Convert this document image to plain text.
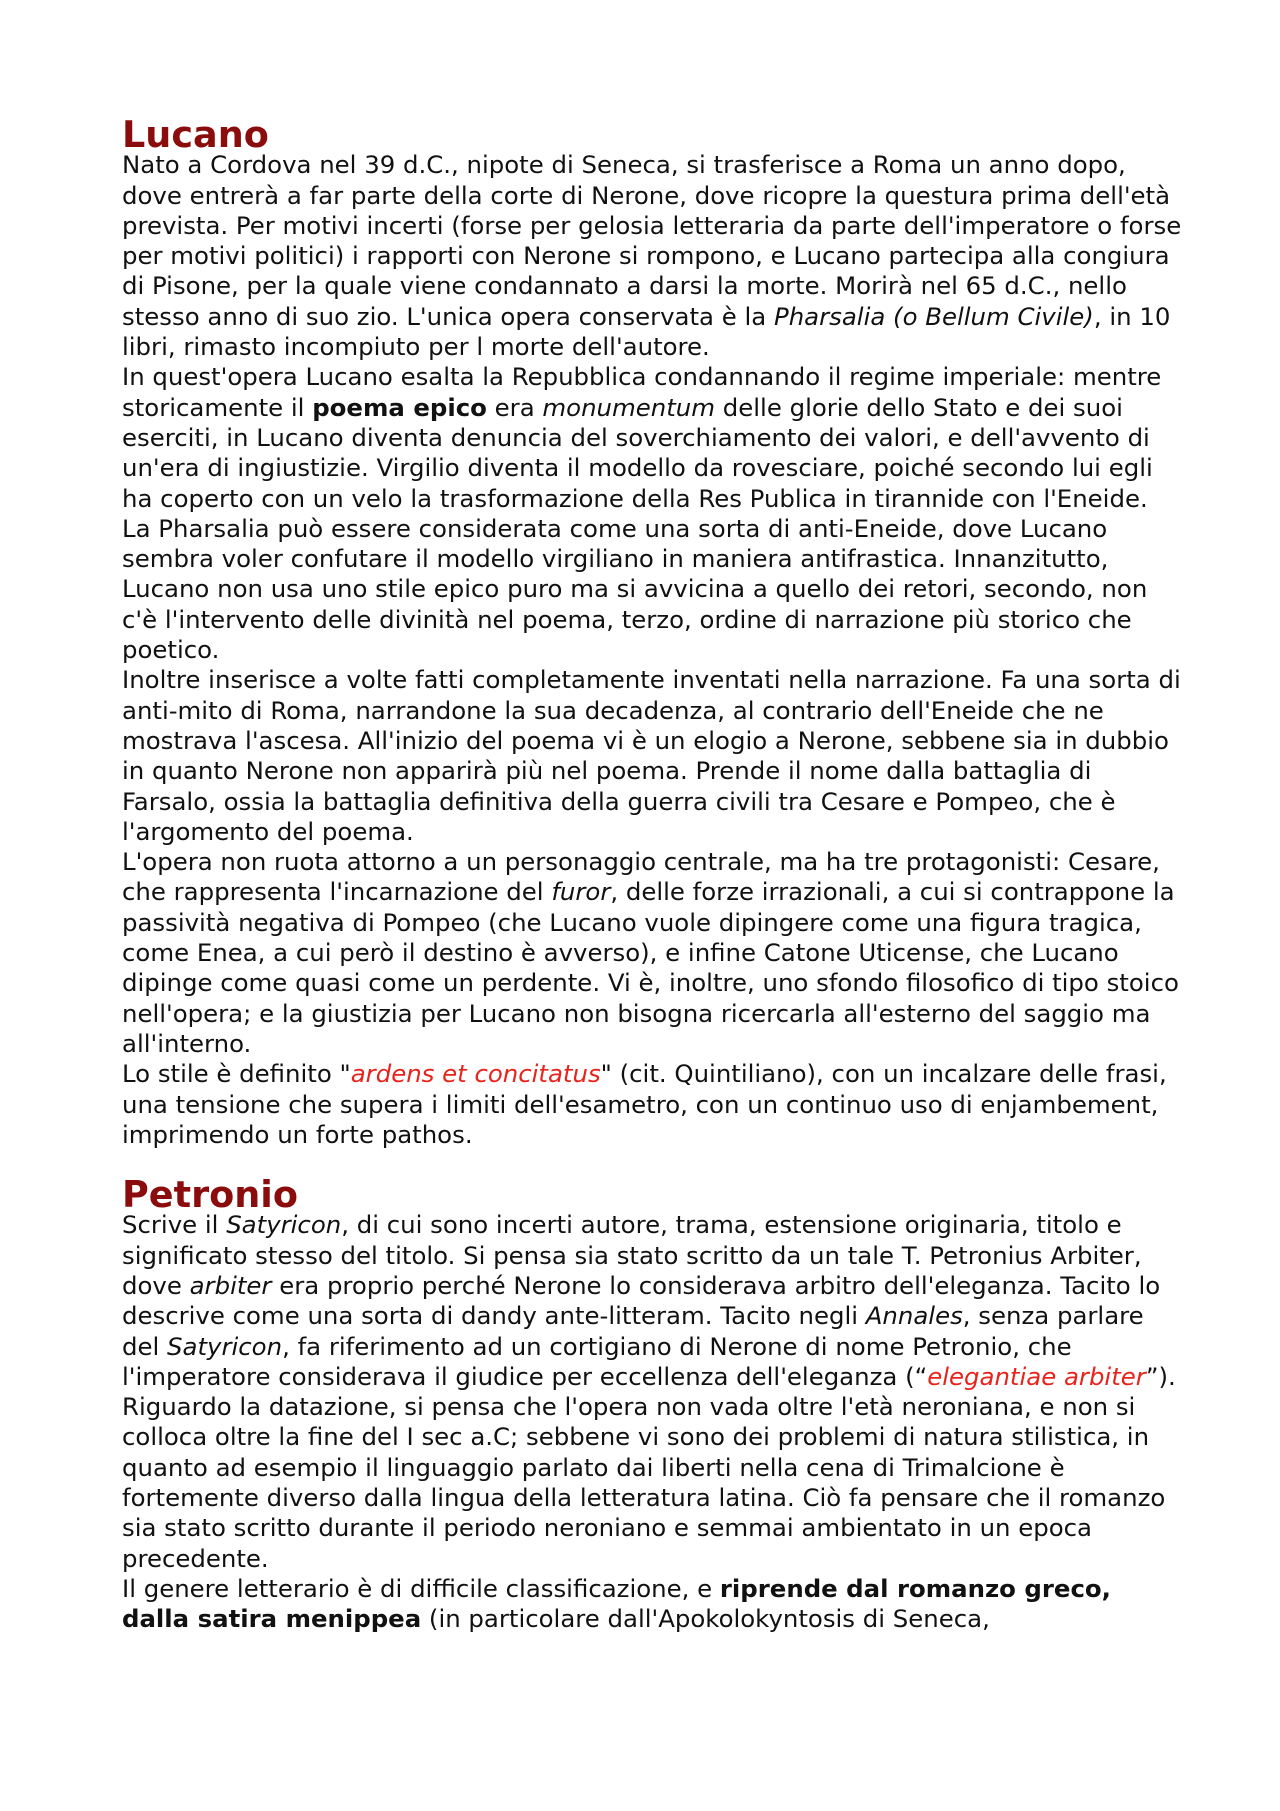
Lucano

Nato a Cordova nel 39 d.C., nipote di Seneca, si trasferisce a Roma un anno dopo, dove entrerà a far parte della corte di Nerone, dove ricopre la questura prima dell'età prevista. Per motivi incerti (forse per gelosia letteraria da parte dell'imperatore o forse per motivi politici) i rapporti con Nerone si rompono, e Lucano partecipa alla congiura di Pisone, per la quale viene condannato a darsi la morte. Morirà nel 65 d.C., nello stesso anno di suo zio. L'unica opera conservata è la Pharsalia (o Bellum Civile), in 10 libri, rimasto incompiuto per l morte dell'autore.

In quest'opera Lucano esalta la Repubblica condannando il regime imperiale: mentre storicamente il poema epico era monumentum delle glorie dello Stato e dei suoi eserciti, in Lucano diventa denuncia del soverchiamento dei valori, e dell'avvento di un'era di ingiustizie. Virgilio diventa il modello da rovesciare, poiché secondo lui egli ha coperto con un velo la trasformazione della Res Publica in tirannide con l'Eneide. La Pharsalia può essere considerata come una sorta di anti-Eneide, dove Lucano sembra voler confutare il modello virgiliano in maniera antifrastica. Innanzitutto, Lucano non usa uno stile epico puro ma si avvicina a quello dei retori, secondo, non c'è l'intervento delle divinità nel poema, terzo, ordine di narrazione più storico che poetico.

Inoltre inserisce a volte fatti completamente inventati nella narrazione. Fa una sorta di anti-mito di Roma, narrandone la sua decadenza, al contrario dell'Eneide che ne mostrava l'ascesa. All'inizio del poema vi è un elogio a Nerone, sebbene sia in dubbio in quanto Nerone non apparirà più nel poema. Prende il nome dalla battaglia di Farsalo, ossia la battaglia definitiva della guerra civili tra Cesare e Pompeo, che è l'argomento del poema.

L'opera non ruota attorno a un personaggio centrale, ma ha tre protagonisti: Cesare, che rappresenta l'incarnazione del furor, delle forze irrazionali, a cui si contrappone la passività negativa di Pompeo (che Lucano vuole dipingere come una figura tragica, come Enea, a cui però il destino è avverso), e infine Catone Uticense, che Lucano dipinge come quasi come un perdente. Vi è, inoltre, uno sfondo filosofico di tipo stoico nell'opera; e la giustizia per Lucano non bisogna ricercarla all'esterno del saggio ma all'interno.

Lo stile è definito "ardens et concitatus" (cit. Quintiliano), con un incalzare delle frasi, una tensione che supera i limiti dell'esametro, con un continuo uso di enjambement, imprimendo un forte pathos.

Petronio

Scrive il Satyricon, di cui sono incerti autore, trama, estensione originaria, titolo e significato stesso del titolo. Si pensa sia stato scritto da un tale T. Petronius Arbiter, dove arbiter era proprio perché Nerone lo considerava arbitro dell'eleganza. Tacito lo descrive come una sorta di dandy ante-litteram. Tacito negli Annales, senza parlare del Satyricon, fa riferimento ad un cortigiano di Nerone di nome Petronio, che l'imperatore considerava il giudice per eccellenza dell'eleganza (“elegantiae arbiter”). Riguardo la datazione, si pensa che l'opera non vada oltre l'età neroniana, e non si colloca oltre la fine del I sec a.C; sebbene vi sono dei problemi di natura stilistica, in quanto ad esempio il linguaggio parlato dai liberti nella cena di Trimalcione è fortemente diverso dalla lingua della letteratura latina. Ciò fa pensare che il romanzo sia stato scritto durante il periodo neroniano e semmai ambientato in un epoca precedente.

Il genere letterario è di difficile classificazione, e riprende dal romanzo greco, dalla satira menippea (in particolare dall'Apokolokyntosis di Seneca,
